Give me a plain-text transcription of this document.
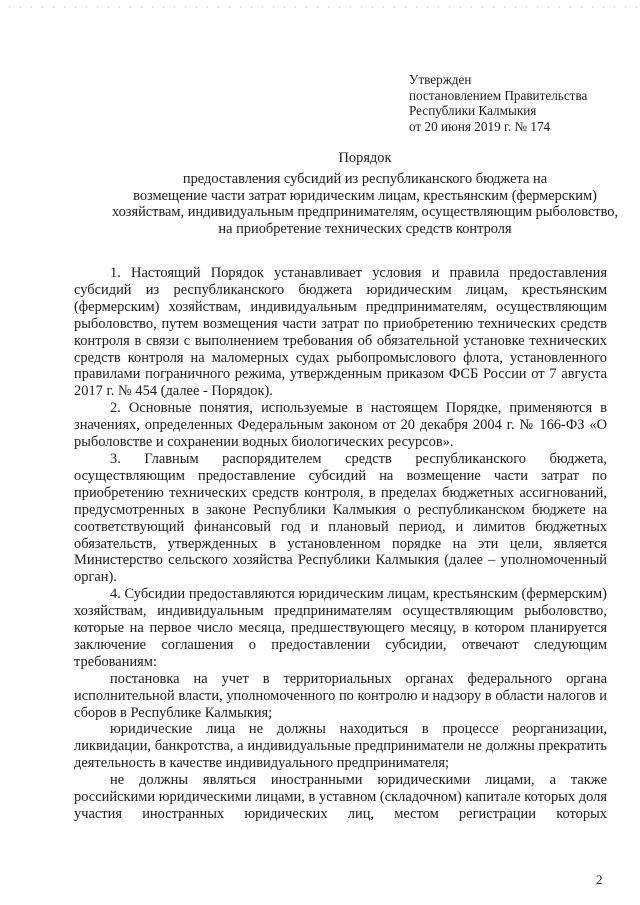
Утвержден
постановлением Правительства
Республики Калмыкия
от 20 июня 2019 г. № 174
Порядок
предоставления субсидий из республиканского бюджета на
возмещение части затрат юридическим лицам, крестьянским (фермерским)
хозяйствам, индивидуальным предпринимателям, осуществляющим рыболовство,
на приобретение технических средств контроля

1. Настоящий Порядок устанавливает условия и правила предоставления субсидий из республиканского бюджета юридическим лицам, крестьянским (фермерским) хозяйствам, индивидуальным предпринимателям, осуществляющим рыболовство, путем возмещения части затрат по приобретению технических средств контроля в связи с выполнением требования об обязательной установке технических средств контроля на маломерных судах рыбопромыслового флота, установленного правилами пограничного режима, утвержденным приказом ФСБ России от 7 августа 2017 г. № 454 (далее - Порядок).

2. Основные понятия, используемые в настоящем Порядке, применяются в значениях, определенных Федеральным законом от 20 декабря 2004 г. № 166-ФЗ «О рыболовстве и сохранении водных биологических ресурсов».

3. Главным распорядителем средств республиканского бюджета, осуществляющим предоставление субсидий на возмещение части затрат по приобретению технических средств контроля, в пределах бюджетных ассигнований, предусмотренных в законе Республики Калмыкия о республиканском бюджете на соответствующий финансовый год и плановый период, и лимитов бюджетных обязательств, утвержденных в установленном порядке на эти цели, является Министерство сельского хозяйства Республики Калмыкия (далее – уполномоченный орган).

4. Субсидии предоставляются юридическим лицам, крестьянским (фермерским) хозяйствам, индивидуальным предпринимателям осуществляющим рыболовство, которые на первое число месяца, предшествующего месяцу, в котором планируется заключение соглашения о предоставлении субсидии, отвечают следующим требованиям:

постановка на учет в территориальных органах федерального органа исполнительной власти, уполномоченного по контролю и надзору в области налогов и сборов в Республике Калмыкия;

юридические лица не должны находиться в процессе реорганизации, ликвидации, банкротства, а индивидуальные предприниматели не должны прекратить деятельность в качестве индивидуального предпринимателя;

не должны являться иностранными юридическими лицами, а также российскими юридическими лицами, в уставном (складочном) капитале которых доля участия иностранных юридических лиц, местом регистрации которых

2
